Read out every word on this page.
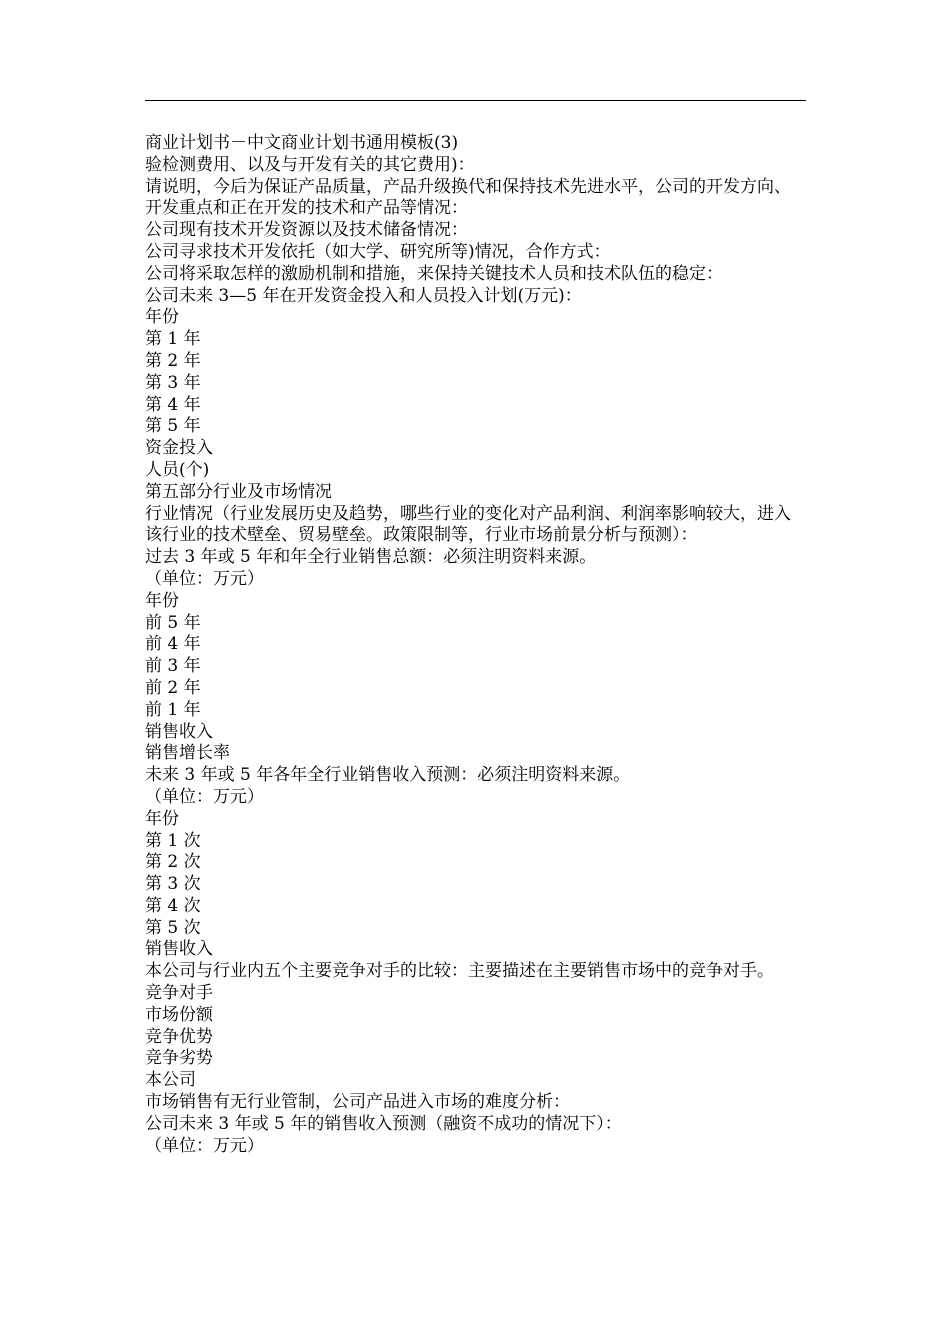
商业计划书－中文商业计划书通用模板(3)
验检测费用、以及与开发有关的其它费用)：
请说明，今后为保证产品质量，产品升级换代和保持技术先进水平，公司的开发方向、开发重点和正在开发的技术和产品等情况：
公司现有技术开发资源以及技术储备情况：
公司寻求技术开发依托（如大学、研究所等)情况，合作方式：
公司将采取怎样的激励机制和措施，来保持关键技术人员和技术队伍的稳定：
公司未来 3—5 年在开发资金投入和人员投入计划(万元)：
年份
第 1 年
第 2 年
第 3 年
第 4 年
第 5 年
资金投入
人员(个)
第五部分行业及市场情况
行业情况（行业发展历史及趋势，哪些行业的变化对产品利润、利润率影响较大，进入该行业的技术壁垒、贸易壁垒。政策限制等，行业市场前景分析与预测）：
过去 3 年或 5 年和年全行业销售总额：必须注明资料来源。
（单位：万元）
年份
前 5 年
前 4 年
前 3 年
前 2 年
前 1 年
销售收入
销售增长率
未来 3 年或 5 年各年全行业销售收入预测：必须注明资料来源。
（单位：万元）
年份
第 1 次
第 2 次
第 3 次
第 4 次
第 5 次
销售收入
本公司与行业内五个主要竞争对手的比较：主要描述在主要销售市场中的竞争对手。
竞争对手
市场份额
竞争优势
竞争劣势
本公司
市场销售有无行业管制，公司产品进入市场的难度分析：
公司未来 3 年或 5 年的销售收入预测（融资不成功的情况下）：
（单位：万元）
